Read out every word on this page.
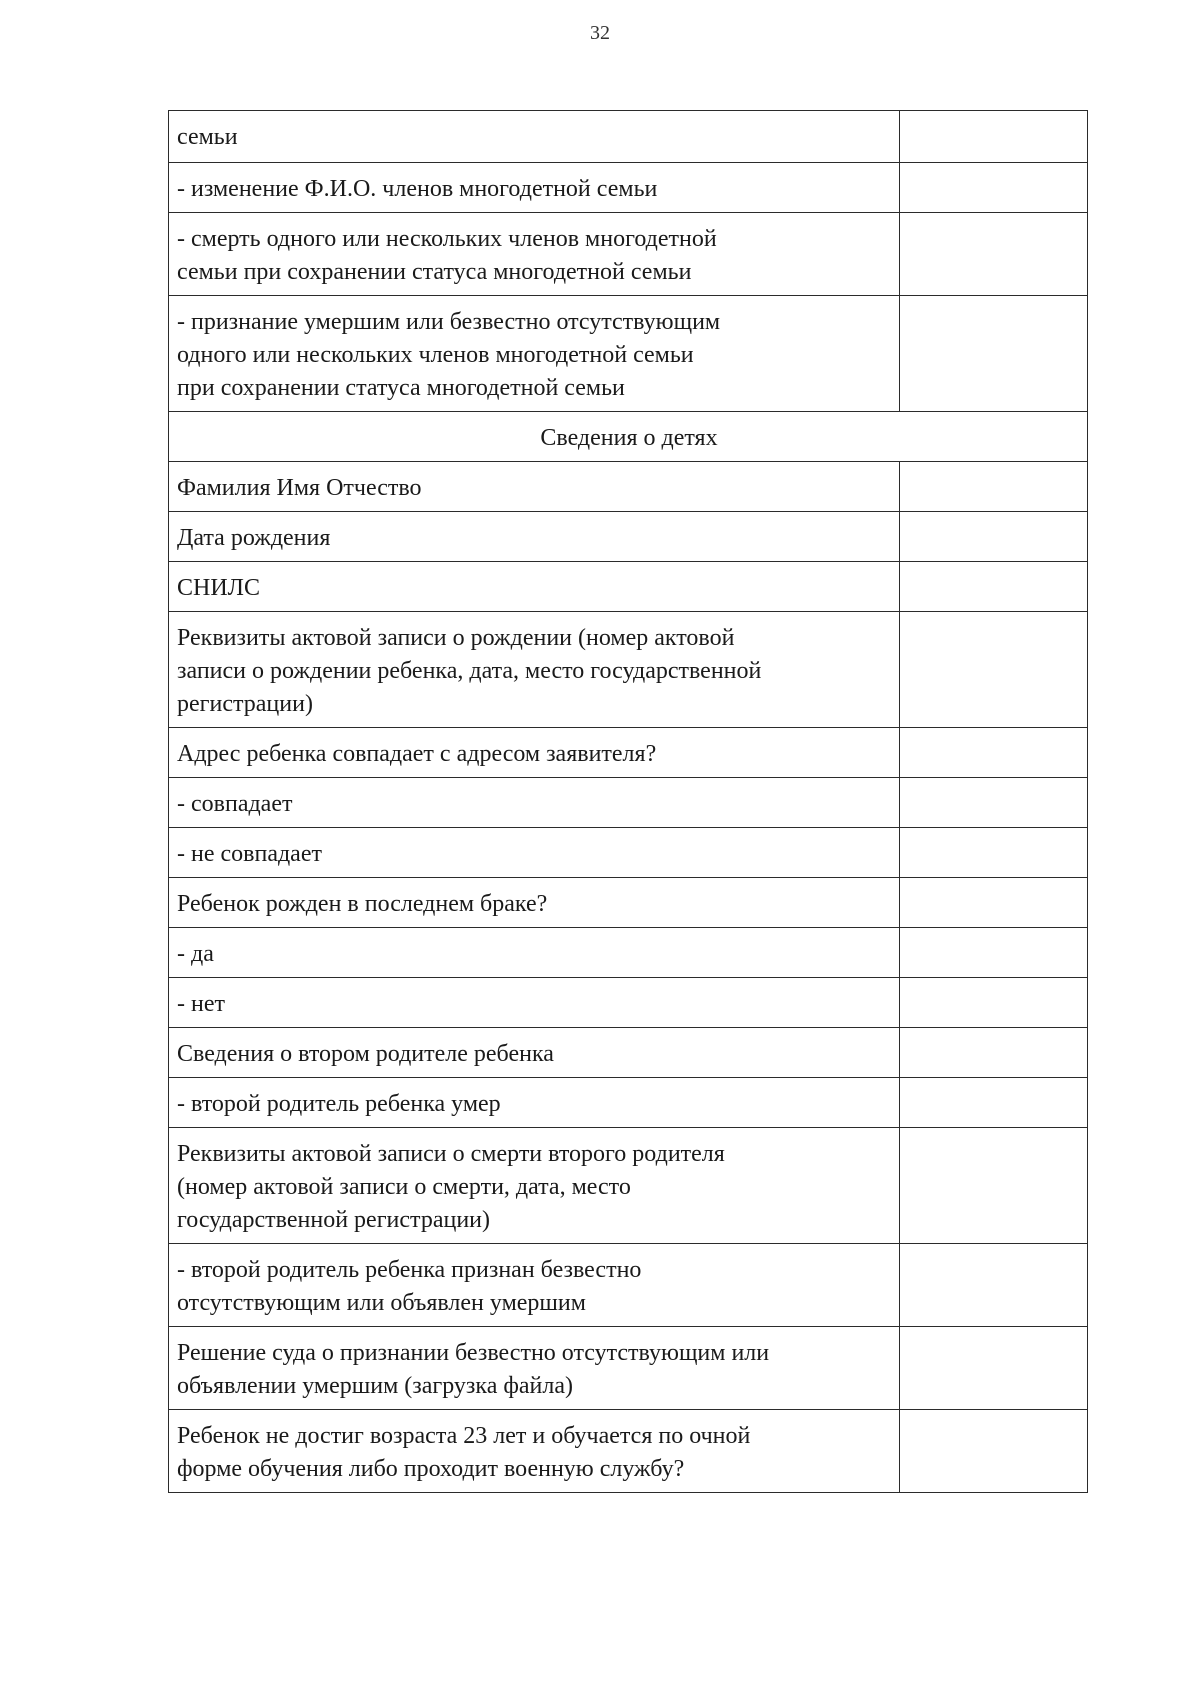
32
семьи	
- изменение Ф.И.О. членов многодетной семьи	
- смерть одного или нескольких членов многодетной
семьи при сохранении статуса многодетной семьи	
- признание умершим или безвестно отсутствующим
одного или нескольких членов многодетной семьи
при сохранении статуса многодетной семьи	
Сведения о детях	
Фамилия Имя Отчество	
Дата рождения	
СНИЛС	
Реквизиты актовой записи о рождении (номер актовой
записи о рождении ребенка, дата, место государственной
регистрации)	
Адрес ребенка совпадает с адресом заявителя?	
- совпадает	
- не совпадает	
Ребенок рожден в последнем браке?	
- да	
- нет	
Сведения о втором родителе ребенка	
- второй родитель ребенка умер	
Реквизиты актовой записи о смерти второго родителя
(номер актовой записи о смерти, дата, место
государственной регистрации)	
- второй родитель ребенка признан безвестно
отсутствующим или объявлен умершим	
Решение суда о признании безвестно отсутствующим или
объявлении умершим (загрузка файла)	
Ребенок не достиг возраста 23 лет и обучается по очной
форме обучения либо проходит военную службу?	
